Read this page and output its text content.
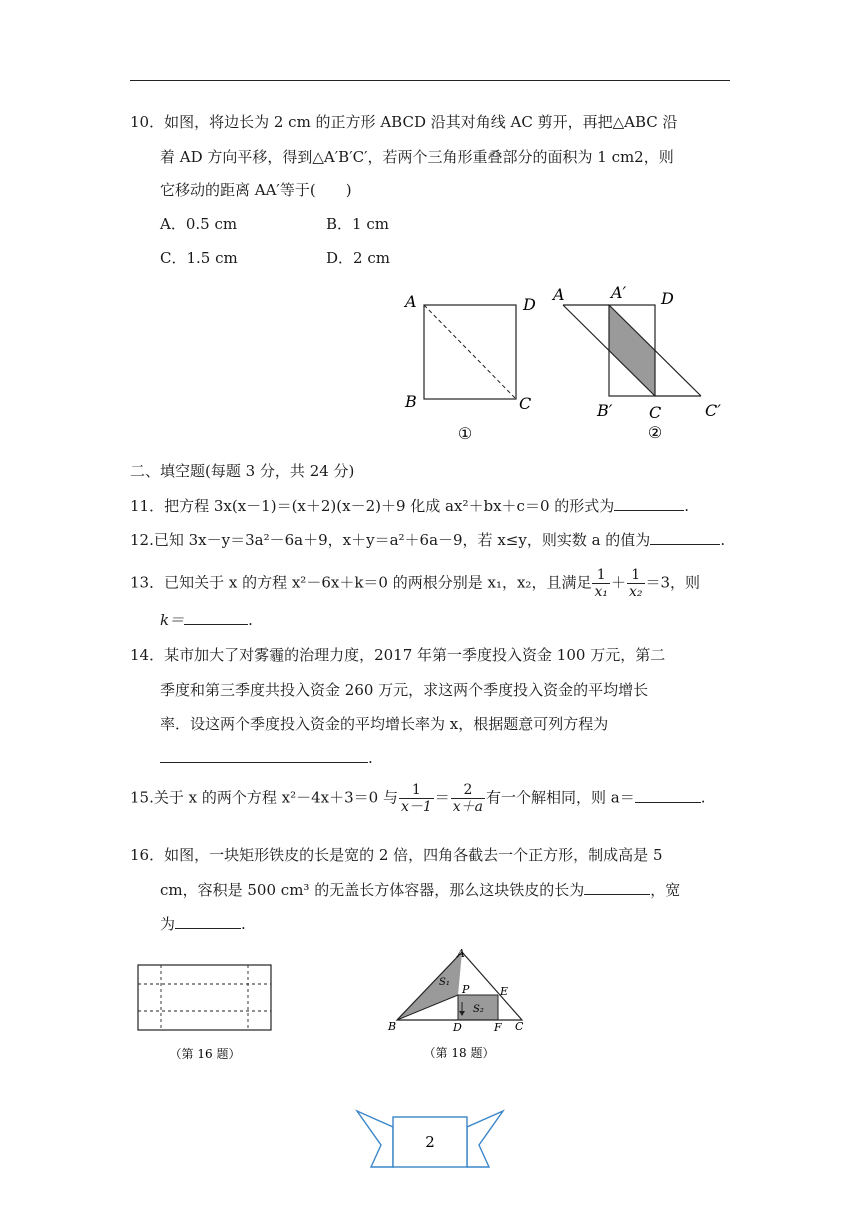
10．如图，将边长为 2 cm 的正方形 ABCD 沿其对角线 AC 剪开，再把△ABC 沿
着 AD 方向平移，得到△A′B′C′，若两个三角形重叠部分的面积为 1 cm2，则
它移动的距离 AA′等于(　　)
A．0.5 cm	B．1 cm
C．1.5 cm	D．2 cm
A	D
B	C
①
A	A′ D
B′ C	C′
②
二、填空题(每题 3 分，共 24 分)
11．把方程 3x(x－1)＝(x＋2)(x－2)＋9 化成 ax²＋bx＋c＝0 的形式为	.
12.已知 3x－y＝3a²－6a＋9，x＋y＝a²＋6a－9，若 x≤y，则实数 a 的值为	.
13．已知关于 x 的方程 x²－6x＋k＝0 的两根分别是 x₁，x₂，且满足 $\frac{1}{\text{x₁}} + \frac{1}{\text{x₂}} =3$，则
k＝	.
14．某市加大了对雾霾的治理力度，2017 年第一季度投入资金 100 万元，第二
季度和第三季度共投入资金 260 万元，求这两个季度投入资金的平均增长
率．设这两个季度投入资金的平均增长率为 x，根据题意可列方程为
.
15.关于 x 的两个方程 x²－4x＋3＝0 与 $\frac{1}{x-1} = \frac{2}{x+a}$ 有一个解相同，则 a＝	.
16．如图，一块矩形铁皮的长是宽的 2 倍，四角各截去一个正方形，制成高是 5
cm，容积是 500 cm³ 的无盖长方体容器，那么这块铁皮的长为	，宽
为	.
（第 16 题）
A
B	C
D
E
F
P
S₁
S₂
（第 18 题）
2
